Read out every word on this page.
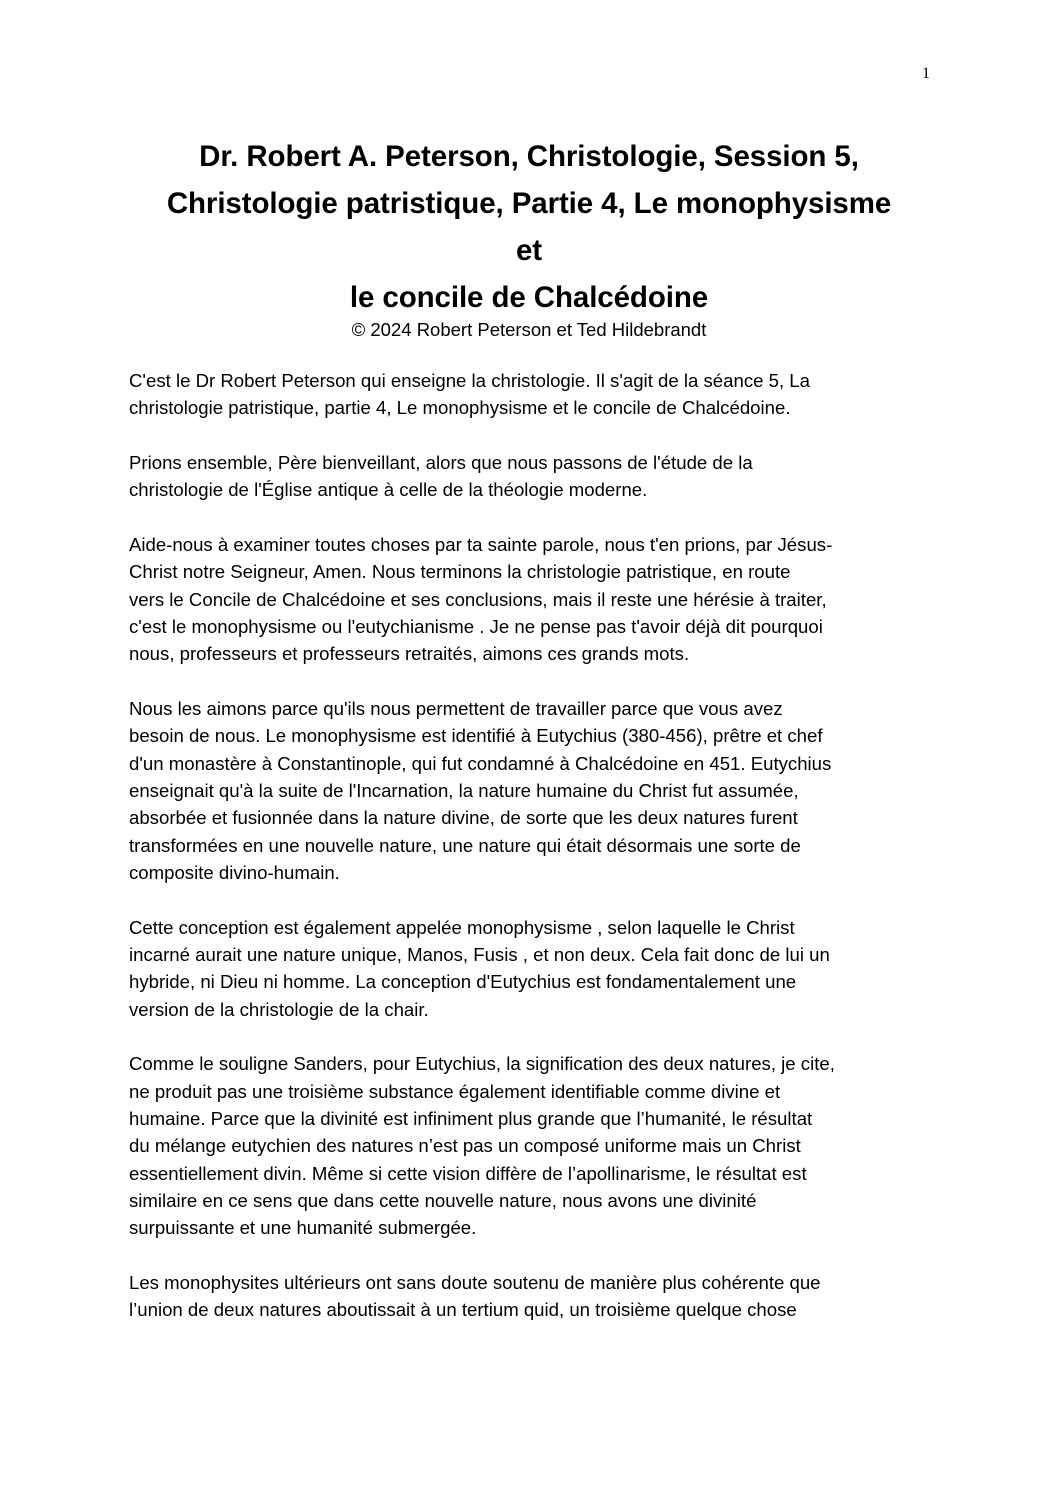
1
Dr. Robert A. Peterson, Christologie, Session 5,
Christologie patristique, Partie 4, Le monophysisme
et
le concile de Chalcédoine
© 2024 Robert Peterson et Ted Hildebrandt

C'est le Dr Robert Peterson qui enseigne la christologie. Il s'agit de la séance 5, La
christologie patristique, partie 4, Le monophysisme et le concile de Chalcédoine.

Prions ensemble, Père bienveillant, alors que nous passons de l'étude de la
christologie de l'Église antique à celle de la théologie moderne.

Aide-nous à examiner toutes choses par ta sainte parole, nous t'en prions, par Jésus-
Christ notre Seigneur, Amen. Nous terminons la christologie patristique, en route
vers le Concile de Chalcédoine et ses conclusions, mais il reste une hérésie à traiter,
c'est le monophysisme ou l'eutychianisme . Je ne pense pas t'avoir déjà dit pourquoi
nous, professeurs et professeurs retraités, aimons ces grands mots.

Nous les aimons parce qu'ils nous permettent de travailler parce que vous avez
besoin de nous. Le monophysisme est identifié à Eutychius (380-456), prêtre et chef
d'un monastère à Constantinople, qui fut condamné à Chalcédoine en 451. Eutychius
enseignait qu'à la suite de l'Incarnation, la nature humaine du Christ fut assumée,
absorbée et fusionnée dans la nature divine, de sorte que les deux natures furent
transformées en une nouvelle nature, une nature qui était désormais une sorte de
composite divino-humain.

Cette conception est également appelée monophysisme , selon laquelle le Christ
incarné aurait une nature unique, Manos, Fusis , et non deux. Cela fait donc de lui un
hybride, ni Dieu ni homme. La conception d'Eutychius est fondamentalement une
version de la christologie de la chair.

Comme le souligne Sanders, pour Eutychius, la signification des deux natures, je cite,
ne produit pas une troisième substance également identifiable comme divine et
humaine. Parce que la divinité est infiniment plus grande que l’humanité, le résultat
du mélange eutychien des natures n’est pas un composé uniforme mais un Christ
essentiellement divin. Même si cette vision diffère de l’apollinarisme, le résultat est
similaire en ce sens que dans cette nouvelle nature, nous avons une divinité
surpuissante et une humanité submergée.

Les monophysites ultérieurs ont sans doute soutenu de manière plus cohérente que
l’union de deux natures aboutissait à un tertium quid, un troisième quelque chose
